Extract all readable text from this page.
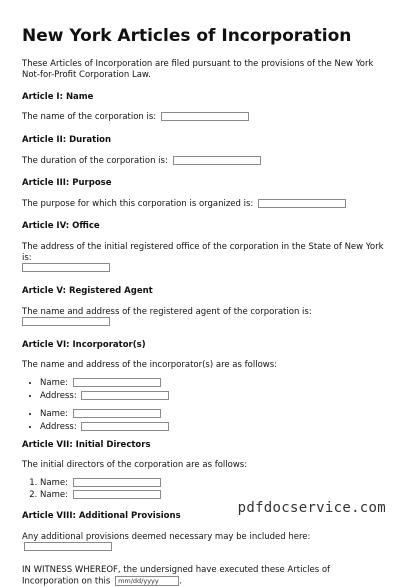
New York Articles of Incorporation

These Articles of Incorporation are filed pursuant to the provisions of the New York Not-for-Profit Corporation Law.

Article I: Name

The name of the corporation is:

Article II: Duration

The duration of the corporation is:

Article III: Purpose

The purpose for which this corporation is organized is:

Article IV: Office

The address of the initial registered office of the corporation in the State of New York is:

Article V: Registered Agent

The name and address of the registered agent of the corporation is:

Article VI: Incorporator(s)

The name and address of the incorporator(s) are as follows:

• Name:
• Address:
• Name:
• Address:
Article VII: Initial Directors

The initial directors of the corporation are as follows:

1. Name:
2. Name:
Article VIII: Additional Provisions

Any additional provisions deemed necessary may be included here:

IN WITNESS WHEREOF, the undersigned have executed these Articles of Incorporation on this mm/dd/yyyy .

pdfdocservice.com
